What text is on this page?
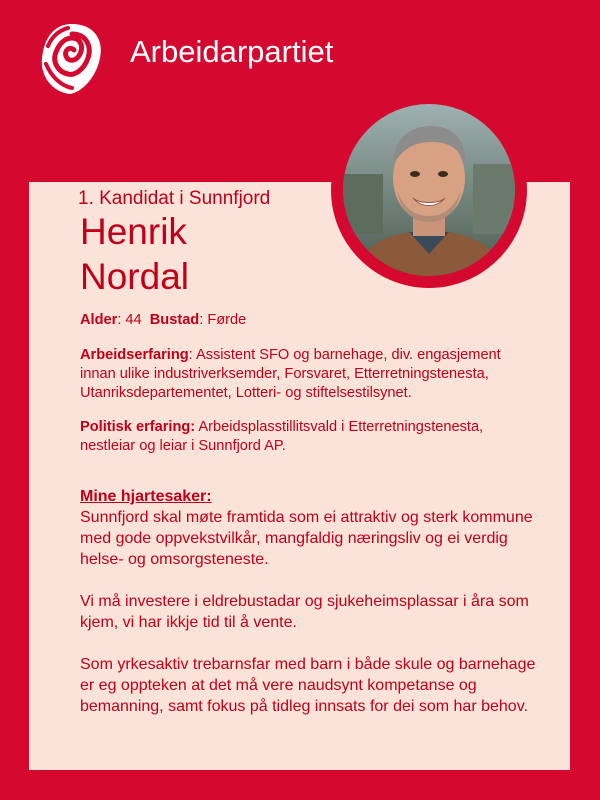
Arbeidarpartiet
1. Kandidat i Sunnfjord
Henrik
Nordal
Alder: 44 Bustad: Førde
Arbeidserfaring: Assistent SFO og barnehage, div. engasjement innan ulike industriverksemder, Forsvaret, Etterretningstenesta, Utanriksdepartementet, Lotteri- og stiftelsestilsynet.
Politisk erfaring: Arbeidsplasstillitsvald i Etterretningstenesta, nestleiar og leiar i Sunnfjord AP.
Mine hjartesaker:

Sunnfjord skal møte framtida som ei attraktiv og sterk kommune med gode oppvekstvilkår, mangfaldig næringsliv og ei verdig helse- og omsorgsteneste.

Vi må investere i eldrebustadar og sjukeheimsplassar i åra som kjem, vi har ikkje tid til å vente.

Som yrkesaktiv trebarnsfar med barn i både skule og barnehage er eg oppteken at det må vere naudsynt kompetanse og bemanning, samt fokus på tidleg innsats for dei som har behov.
